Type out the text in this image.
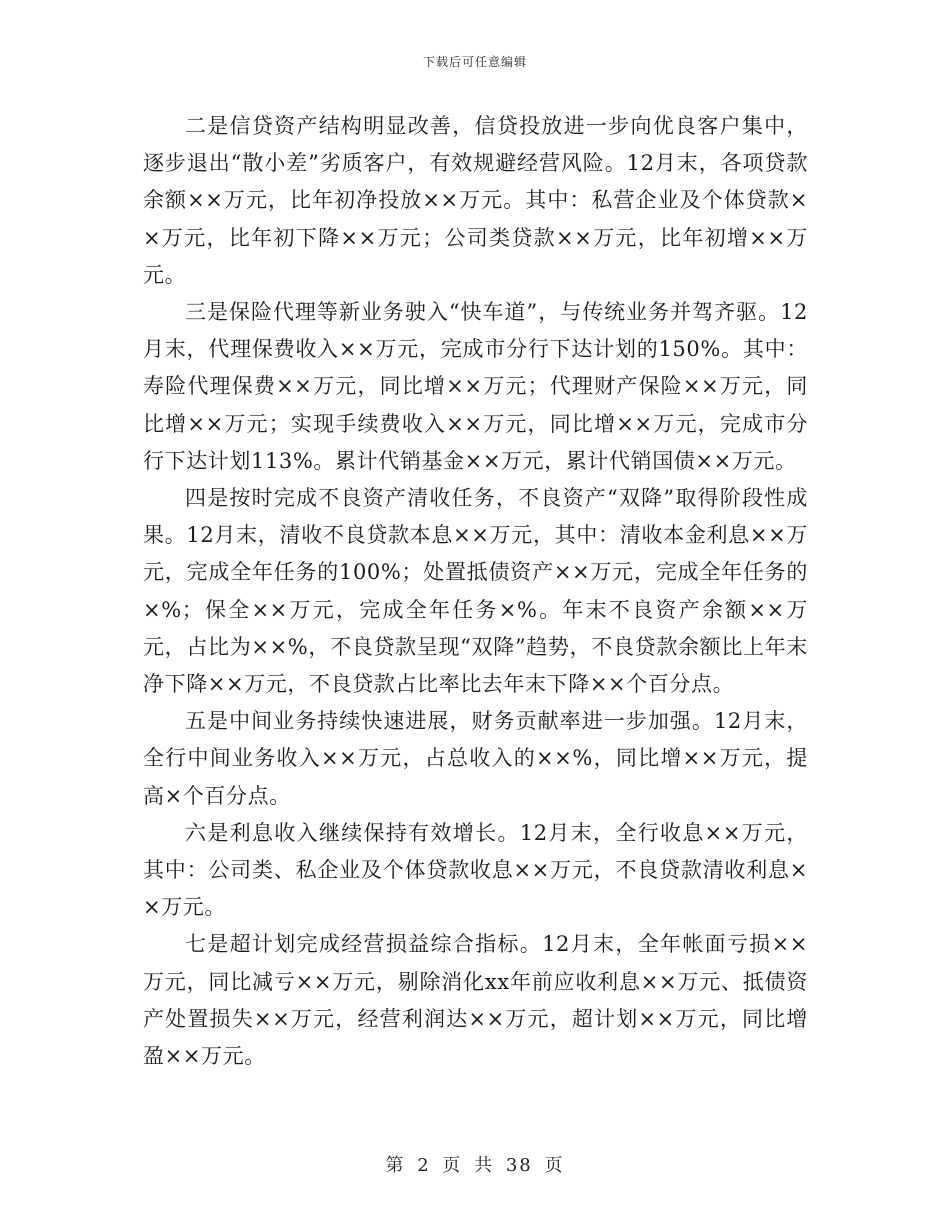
下载后可任意编辑

二是信贷资产结构明显改善，信贷投放进一步向优良客户集中，逐步退出“散小差”劣质客户，有效规避经营风险。12月末，各项贷款余额××万元，比年初净投放××万元。其中：私营企业及个体贷款××万元，比年初下降××万元；公司类贷款××万元，比年初增××万元。

三是保险代理等新业务驶入“快车道”，与传统业务并驾齐驱。12月末，代理保费收入××万元，完成市分行下达计划的150%。其中：寿险代理保费××万元，同比增××万元；代理财产保险××万元，同比增××万元；实现手续费收入××万元，同比增××万元，完成市分行下达计划113%。累计代销基金××万元，累计代销国债××万元。

四是按时完成不良资产清收任务，不良资产“双降”取得阶段性成果。12月末，清收不良贷款本息××万元，其中：清收本金利息××万元，完成全年任务的100%；处置抵债资产××万元，完成全年任务的×%；保全××万元，完成全年任务×%。年末不良资产余额××万元，占比为××%，不良贷款呈现“双降”趋势，不良贷款余额比上年末净下降××万元，不良贷款占比率比去年末下降××个百分点。

五是中间业务持续快速进展，财务贡献率进一步加强。12月末，全行中间业务收入××万元，占总收入的××%，同比增××万元，提高×个百分点。

六是利息收入继续保持有效增长。12月末，全行收息××万元，其中：公司类、私企业及个体贷款收息××万元，不良贷款清收利息××万元。

七是超计划完成经营损益综合指标。12月末，全年帐面亏损××万元，同比减亏××万元，剔除消化xx年前应收利息××万元、抵债资产处置损失××万元，经营利润达××万元，超计划××万元，同比增盈××万元。

第 2 页 共 38 页
